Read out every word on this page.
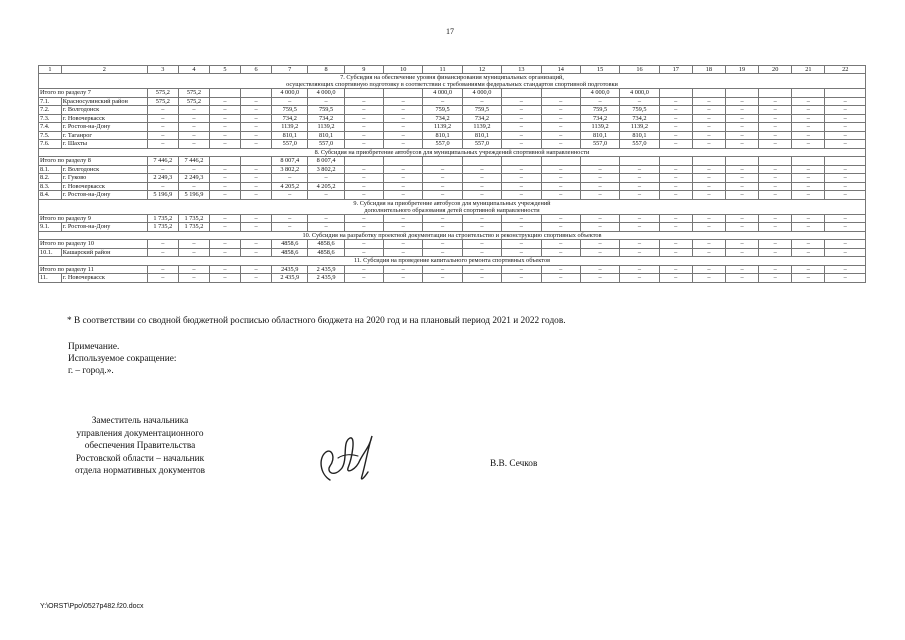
17
1	2	3	4	5	6	7	8	9	10	11	12	13	14	15	16	17	18	19	20	21	22

7. Субсидия на обеспечение уровня финансирования муниципальных организаций,
осуществляющих спортивную подготовку в соответствии с требованиями федеральных стандартов спортивной подготовки																					

Итого по разделу 7		575,2	575,2			4 000,0	4 000,0			4 000,0	4 000,0			4 000,0	4 000,0						
7.1.	Красносулинский район	575,2	575,2	–	–	–	–	–	–	–	–	–	–	–	–	–	–	–	–	–	–
7.2.	г. Волгодонск	–	–	–	–	759,5	759,5	–	–	759,5	759,5	–	–	759,5	759,5	–	–	–	–	–	–
7.3.	г. Новочеркасск	–	–	–	–	734,2	734,2	–	–	734,2	734,2	–	–	734,2	734,2	–	–	–	–	–	–
7.4.	г. Ростов-на-Дону	–	–	–	–	1139,2	1139,2	–	–	1139,2	1139,2	–	–	1139,2	1139,2	–	–	–	–	–	–
7.5.	г. Таганрог	–	–	–	–	810,1	810,1	–	–	810,1	810,1	–	–	810,1	810,1	–	–	–	–	–	–
7.6.	г. Шахты	–	–	–	–	557,0	557,0	–	–	557,0	557,0	–	–	557,0	557,0	–	–	–	–	–	–

8. Субсидия на приобретение автобусов для муниципальных учреждений спортивной направленности																					

Итого по разделу 8		7 446,2	7 446,2			8 007,4	8 007,4														
8.1.	г. Волгодонск	–	–	–	–	3 802,2	3 802,2	–	–	–	–	–	–	–	–	–	–	–	–	–	–
8.2.	г. Гуково	2 249,3	2 249,3	–	–	–	–	–	–	–	–	–	–	–	–	–	–	–	–	–	–
8.3.	г. Новочеркасск	–	–	–	–	4 205,2	4 205,2	–	–	–	–	–	–	–	–	–	–	–	–	–	–
8.4.	г. Ростов-на-Дону	5 196,9	5 196,9	–	–	–	–	–	–	–	–	–	–	–	–	–	–	–	–	–	–

9. Субсидия на приобретение автобусов для муниципальных учреждений
дополнительного образования детей спортивной направленности																					

Итого по разделу 9		1 735,2	1 735,2	–	–	–	–	–	–	–	–	–	–	–	–	–	–	–	–	–	–
9.1.	г. Ростов-на-Дону	1 735,2	1 735,2	–	–	–	–	–	–	–	–	–	–	–	–	–	–	–	–	–	–

10. Субсидия на разработку проектной документации на строительство и реконструкцию спортивных объектов																					

Итого по разделу 10		–	–	–	–	4858,6	4858,6	–	–	–	–	–	–	–	–	–	–	–	–	–	–
10.1.	Кашарский район	–	–	–	–	4858,6	4858,6	–	–	–	–	–	–	–	–	–	–	–	–	–	–

11. Субсидия на проведение капитального ремонта спортивных объектов																					

Итого по разделу 11		–	–	–	–	2435,9	2 435,9	–	–	–	–	–	–	–	–	–	–	–	–	–	–
11.	г. Новочеркасск	–	–	–	–	2 435,9	2 435,9	–	–	–	–	–	–	–	–	–	–	–	–	–	–
* В соответствии со сводной бюджетной росписью областного бюджета на 2020 год и на плановый период 2021 и 2022 годов.
Примечание.
Используемое сокращение:
г. – город.».
Заместитель начальника
управления документационного
обеспечения Правительства
Ростовской области – начальник
отдела нормативных документов
В.В. Сечков
Y:\ORST\Ppo\0527p482.f20.docx
